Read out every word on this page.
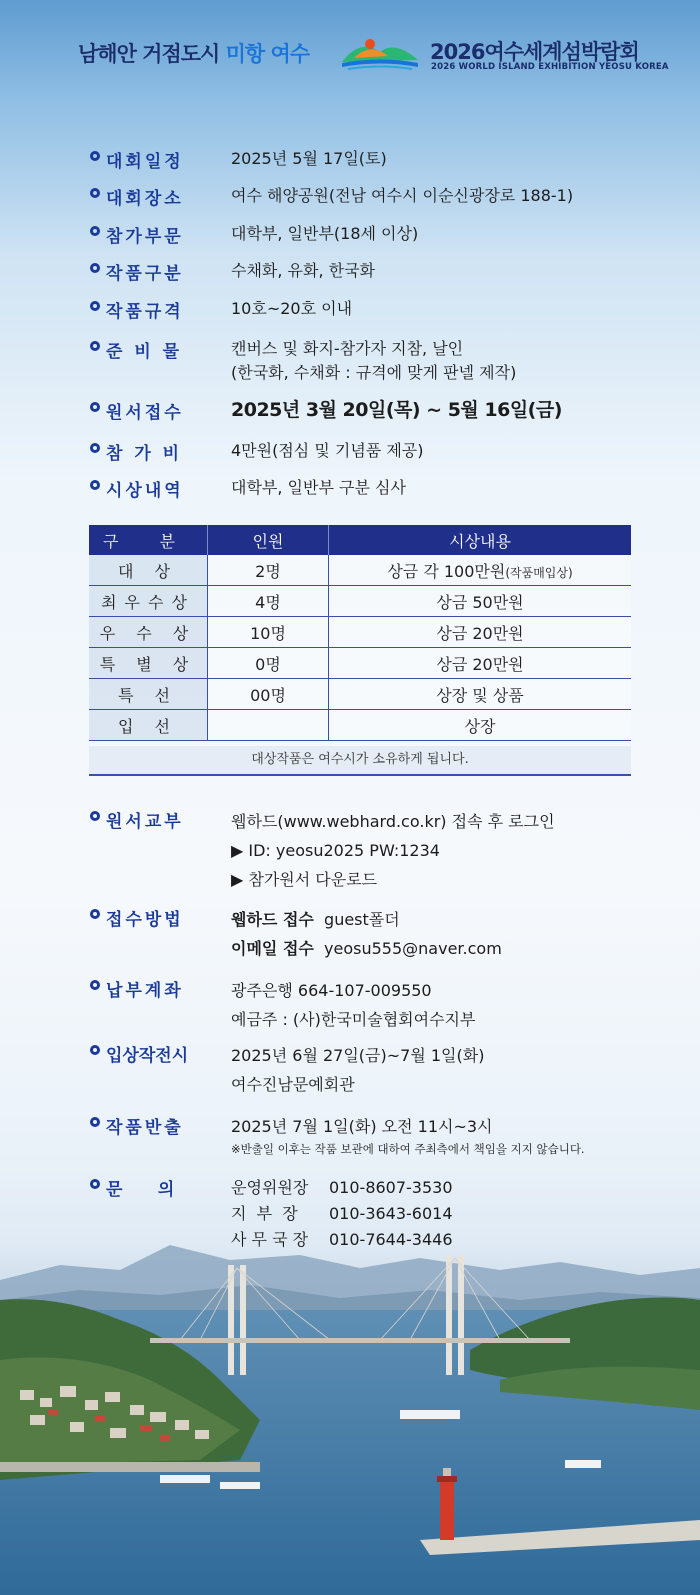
남해안 거점도시 미항 여수	2026여수세계섬박람회
2026 WORLD ISLAND EXHIBITION YEOSU KOREA
대회일정	2025년 5월 17일(토)
대회장소	여수 해양공원(전남 여수시 이순신광장로 188-1)
참가부문	대학부, 일반부(18세 이상)
작품구분	수채화, 유화, 한국화
작품규격	10호~20호 이내
준 비 물	캔버스 및 화지-참가자 지참, 날인
(한국화, 수채화 : 규격에 맞게 판넬 제작)
원서접수	2025년 3월 20일(목) ~ 5월 16일(금)
참 가 비	4만원(점심 및 기념품 제공)
시상내역	대학부, 일반부 구분 심사
구 분	인원	시상내용
대 상	2명	상금 각 100만원(작품매입상)
최우수상	4명	상금 50만원
우 수 상	10명	상금 20만원
특 별 상	0명	상금 20만원
특 선	00명	상장 및 상품
입 선		상장
대상작품은 여수시가 소유하게 됩니다.
원서교부	웹하드(www.webhard.co.kr) 접속 후 로그인
▶ ID: yeosu2025 PW:1234
▶ 참가원서 다운로드
접수방법	웹하드 접수 guest폴더
이메일 접수 yeosu555@naver.com
납부계좌	광주은행 664-107-009550
예금주 : (사)한국미술협회여수지부
입상작전시	2025년 6월 27일(금)~7월 1일(화)
여수진남문예회관
작품반출	2025년 7월 1일(화) 오전 11시~3시
※반출일 이후는 작품 보관에 대하여 주최측에서 책임을 지지 않습니다.
문      의	운영위원장 010-8607-3530
지  부  장 010-3643-6014
사 무 국 장 010-7644-3446
